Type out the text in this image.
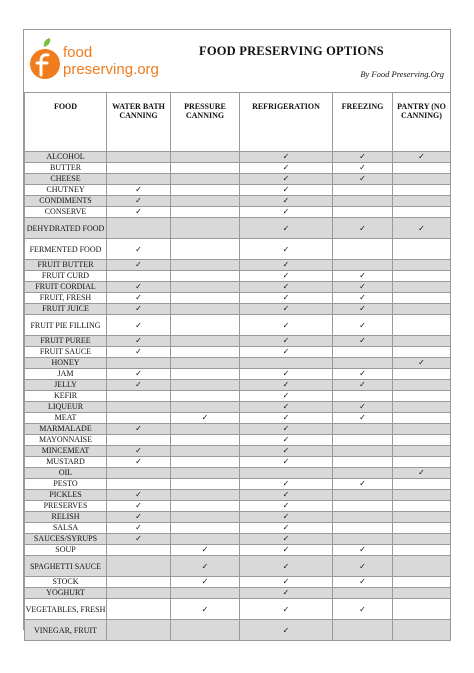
food
preserving.org
FOOD PRESERVING OPTIONS
By Food Preserving.Org
FOOD	WATER BATH CANNING	PRESSURE CANNING	REFRIGERATION	FREEZING	PANTRY (NO CANNING)
ALCOHOL			✓	✓	✓
BUTTER			✓	✓	
CHEESE			✓	✓	
CHUTNEY	✓		✓		
CONDIMENTS	✓		✓		
CONSERVE	✓		✓		
DEHYDRATED FOOD			✓	✓	✓
FERMENTED FOOD	✓		✓		
FRUIT BUTTER	✓		✓		
FRUIT CURD			✓	✓	
FRUIT CORDIAL	✓		✓	✓	
FRUIT, FRESH	✓		✓	✓	
FRUIT JUICE	✓		✓	✓	
FRUIT PIE FILLING	✓		✓	✓	
FRUIT PUREE	✓		✓	✓	
FRUIT SAUCE	✓		✓		
HONEY					✓
JAM	✓		✓	✓	
JELLY	✓		✓	✓	
KEFIR			✓		
LIQUEUR			✓	✓	
MEAT		✓	✓	✓	
MARMALADE	✓		✓		
MAYONNAISE			✓		
MINCEMEAT	✓		✓		
MUSTARD	✓		✓		
OIL					✓
PESTO			✓	✓	
PICKLES	✓		✓		
PRESERVES	✓		✓		
RELISH	✓		✓		
SALSA	✓		✓		
SAUCES/SYRUPS	✓		✓		
SOUP		✓	✓	✓	
SPAGHETTI SAUCE		✓	✓	✓	
STOCK		✓	✓	✓	
YOGHURT			✓		
VEGETABLES, FRESH		✓	✓	✓	
VINEGAR, FRUIT			✓		
